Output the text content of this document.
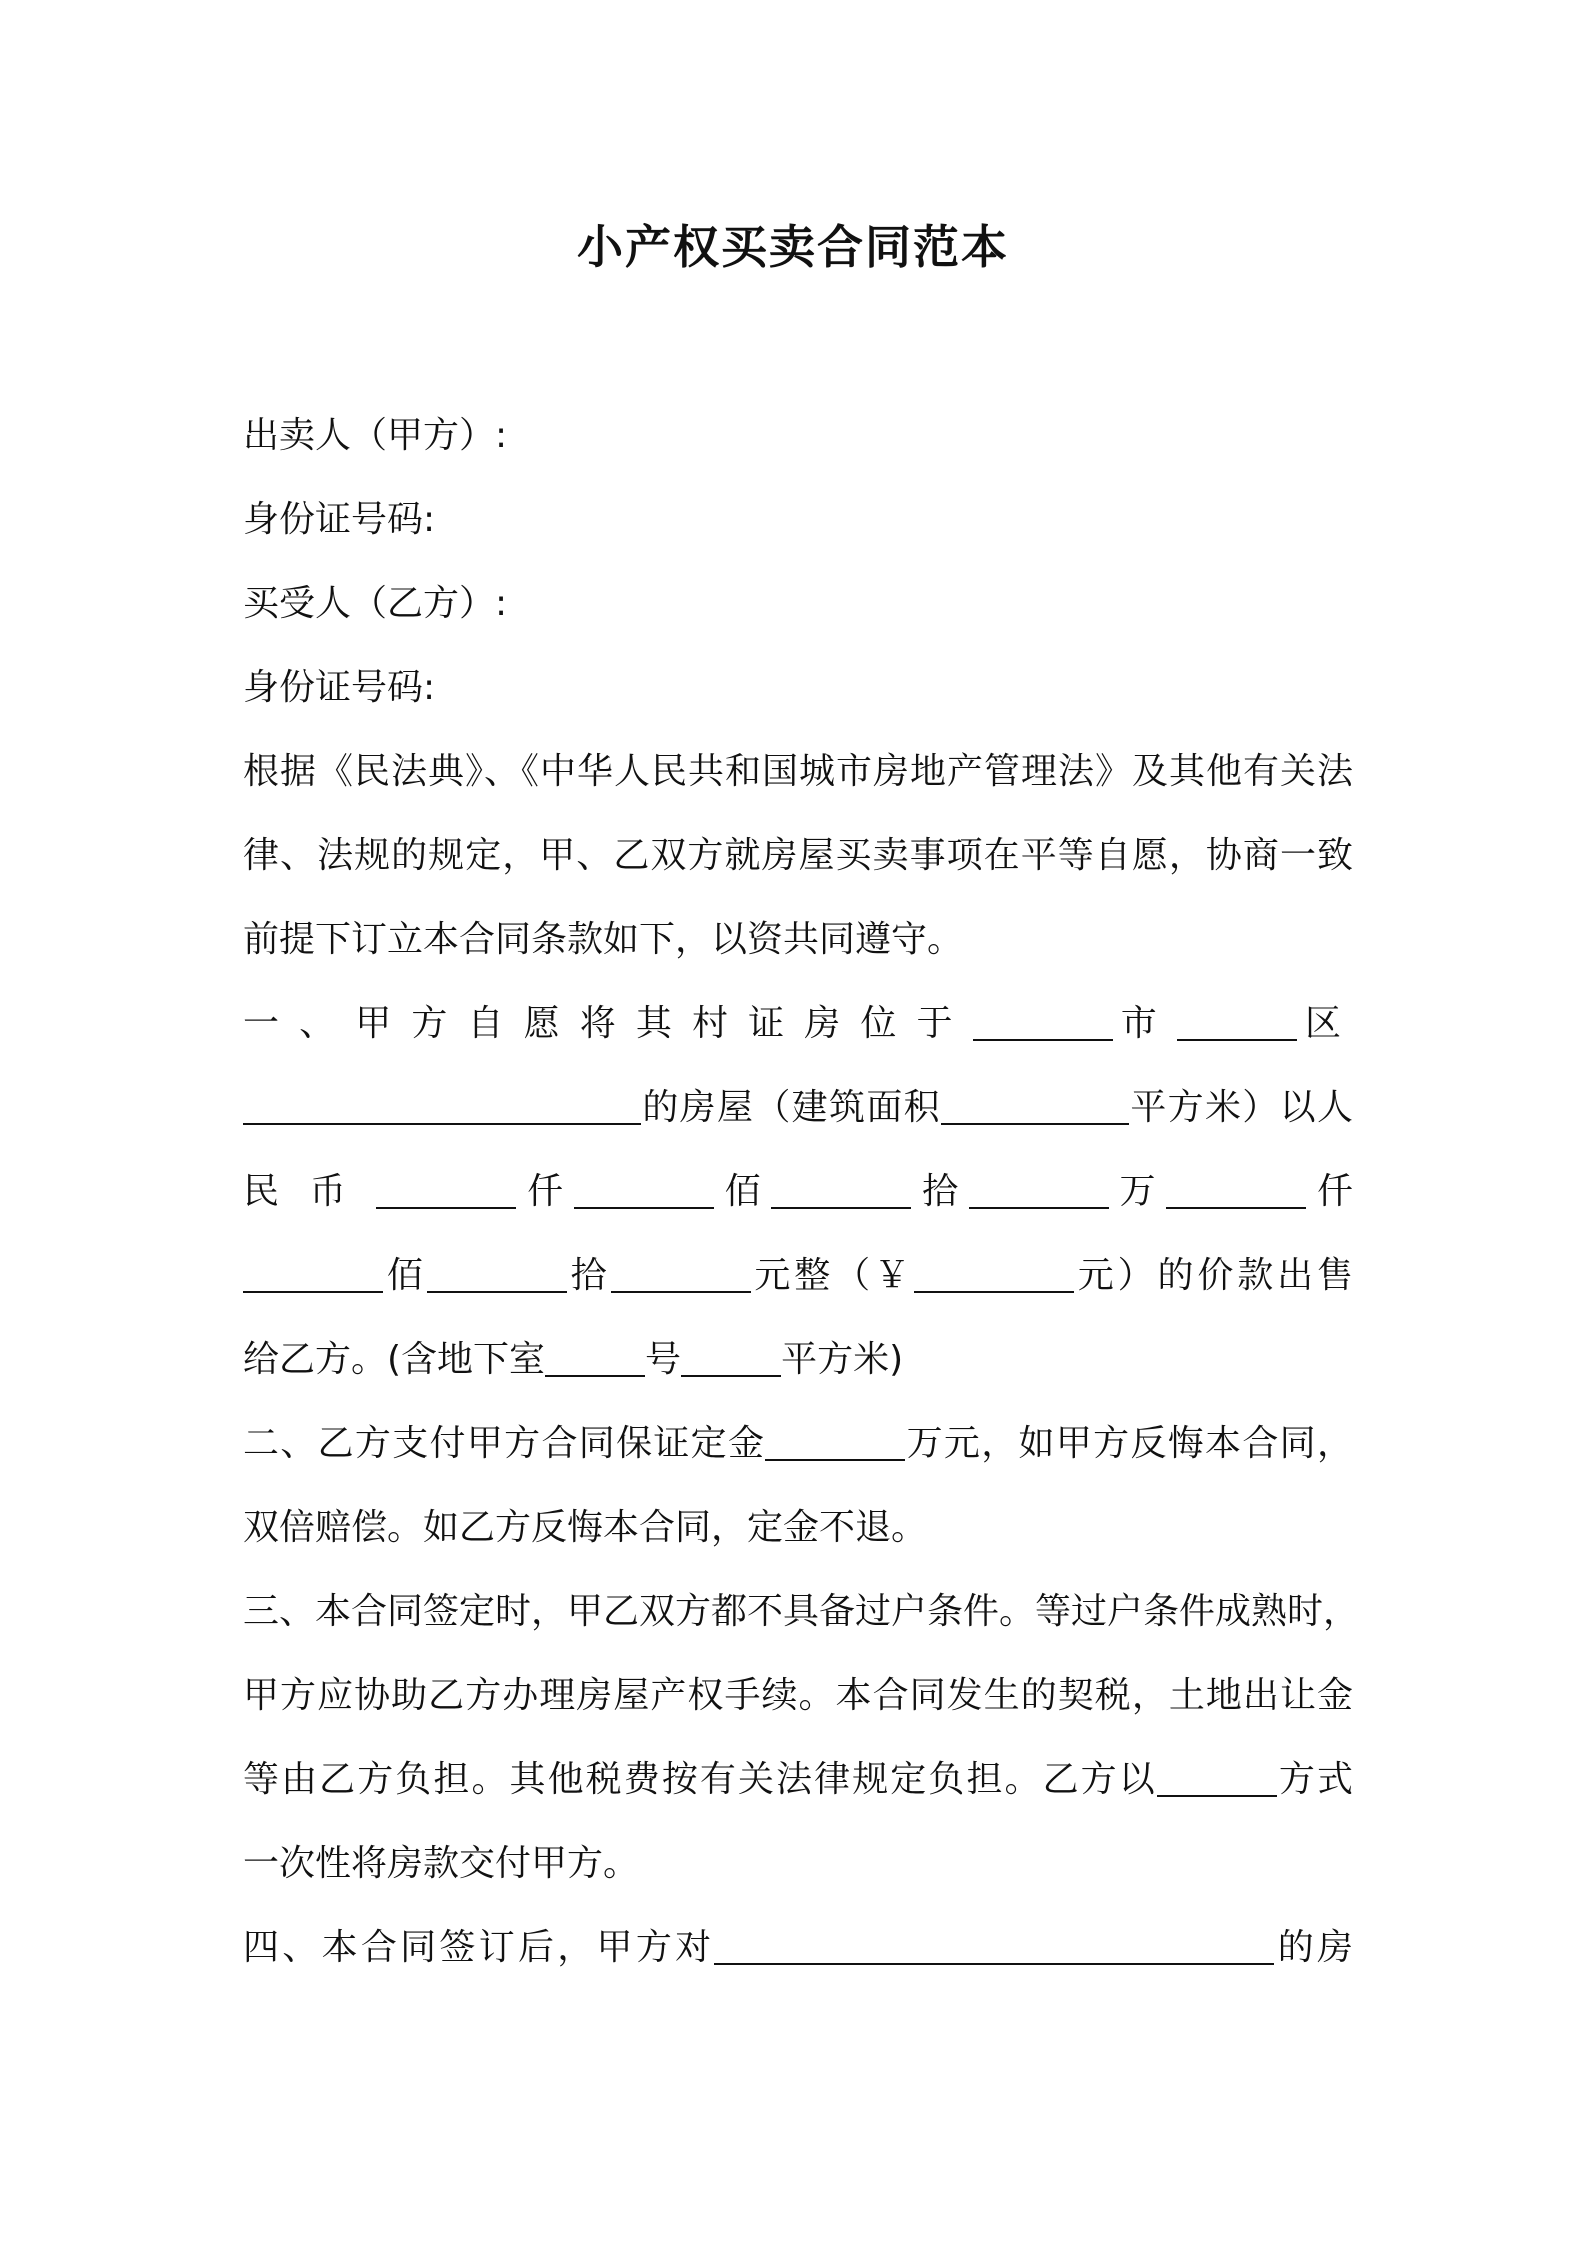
小产权买卖合同范本

出卖人（甲方）:

身份证号码:

买受人（乙方）:

身份证号码:

根据《民法典》、《中华人民共和国城市房地产管理法》及其他有关法

律、法规的规定，甲、乙双方就房屋买卖事项在平等自愿，协商一致

前提下订立本合同条款如下，以资共同遵守。

一、甲方自愿将其村证房位于	市	区

的房屋（建筑面积	平方米）以人

民币	仟	佰	拾	万	仟

佰	拾	元整（￥	元）的价款出售

给乙方。(含地下室	号	平方米)

二、乙方支付甲方合同保证定金	万元，如甲方反悔本合同，

双倍赔偿。如乙方反悔本合同，定金不退。

三、本合同签定时，甲乙双方都不具备过户条件。等过户条件成熟时，

甲方应协助乙方办理房屋产权手续。本合同发生的契税，土地出让金

等由乙方负担。其他税费按有关法律规定负担。乙方以	方式

一次性将房款交付甲方。

四、本合同签订后，甲方对	的房
